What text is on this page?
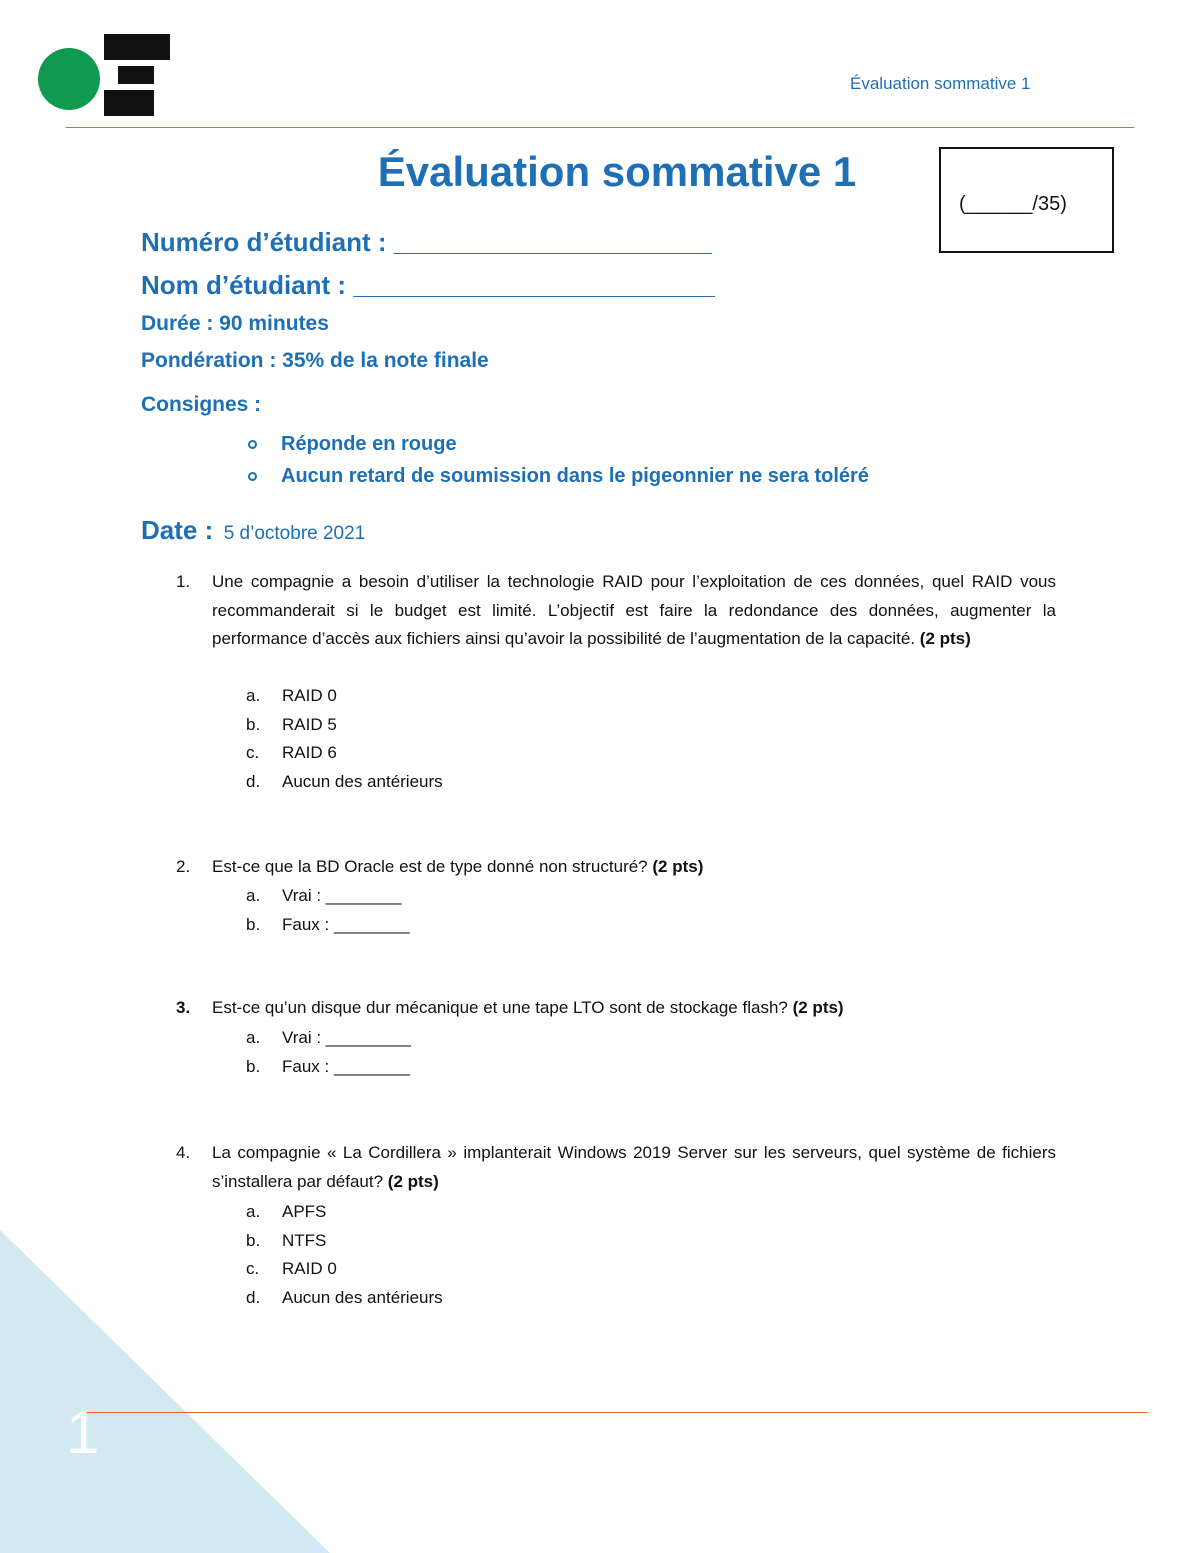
Évaluation sommative 1
Évaluation sommative 1
(______/35)
Numéro d’étudiant : ______________________
Nom d’étudiant : _________________________
Durée : 90 minutes
Pondération : 35% de la note finale
Consignes :
Réponde en rouge
Aucun retard de soumission dans le pigeonnier ne sera toléré
Date : 5 d’octobre 2021
1. Une compagnie a besoin d’utiliser la technologie RAID pour l’exploitation de ces données, quel RAID vous recommanderait si le budget est limité. L’objectif est faire la redondance des données, augmenter la performance d’accès aux fichiers ainsi qu’avoir la possibilité de l’augmentation de la capacité. (2 pts)
a.	RAID 0
b.	RAID 5
c.	RAID 6
d.	Aucun des antérieurs
2. Est-ce que la BD Oracle est de type donné non structuré? (2 pts)
a.	Vrai : ________
b.	Faux : ________
3. Est-ce qu’un disque dur mécanique et une tape LTO sont de stockage flash? (2 pts)
a.	Vrai : _________
b.	Faux : ________
4. La compagnie « La Cordillera » implanterait Windows 2019 Server sur les serveurs, quel système de fichiers s’installera par défaut? (2 pts)
a.	APFS
b.	NTFS
c.	RAID 0
d.	Aucun des antérieurs
1
